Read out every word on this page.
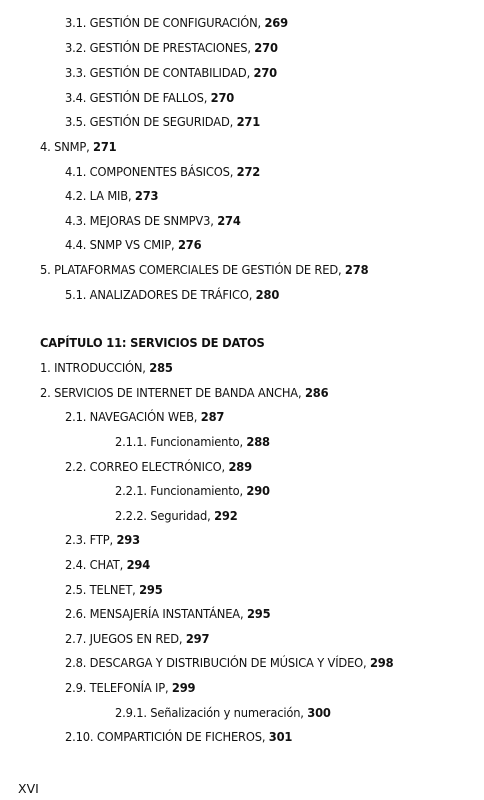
3.1. GESTIÓN DE CONFIGURACIÓN, 269
3.2. GESTIÓN DE PRESTACIONES, 270
3.3. GESTIÓN DE CONTABILIDAD, 270
3.4. GESTIÓN DE FALLOS, 270
3.5. GESTIÓN DE SEGURIDAD, 271
4. SNMP, 271
4.1. COMPONENTES BÁSICOS, 272
4.2. LA MIB, 273
4.3. MEJORAS DE SNMPV3, 274
4.4. SNMP VS CMIP, 276
5. PLATAFORMAS COMERCIALES DE GESTIÓN DE RED, 278
5.1. ANALIZADORES DE TRÁFICO, 280
CAPÍTULO 11: SERVICIOS DE DATOS
1. INTRODUCCIÓN, 285
2. SERVICIOS DE INTERNET DE BANDA ANCHA, 286
2.1. NAVEGACIÓN WEB, 287
2.1.1. Funcionamiento, 288
2.2. CORREO ELECTRÓNICO, 289
2.2.1. Funcionamiento, 290
2.2.2. Seguridad, 292
2.3. FTP, 293
2.4. CHAT, 294
2.5. TELNET, 295
2.6. MENSAJERÍA INSTANTÁNEA, 295
2.7. JUEGOS EN RED, 297
2.8. DESCARGA Y DISTRIBUCIÓN DE MÚSICA Y VÍDEO, 298
2.9. TELEFONÍA IP, 299
2.9.1. Señalización y numeración, 300
2.10. COMPARTICIÓN DE FICHEROS, 301
XVI
